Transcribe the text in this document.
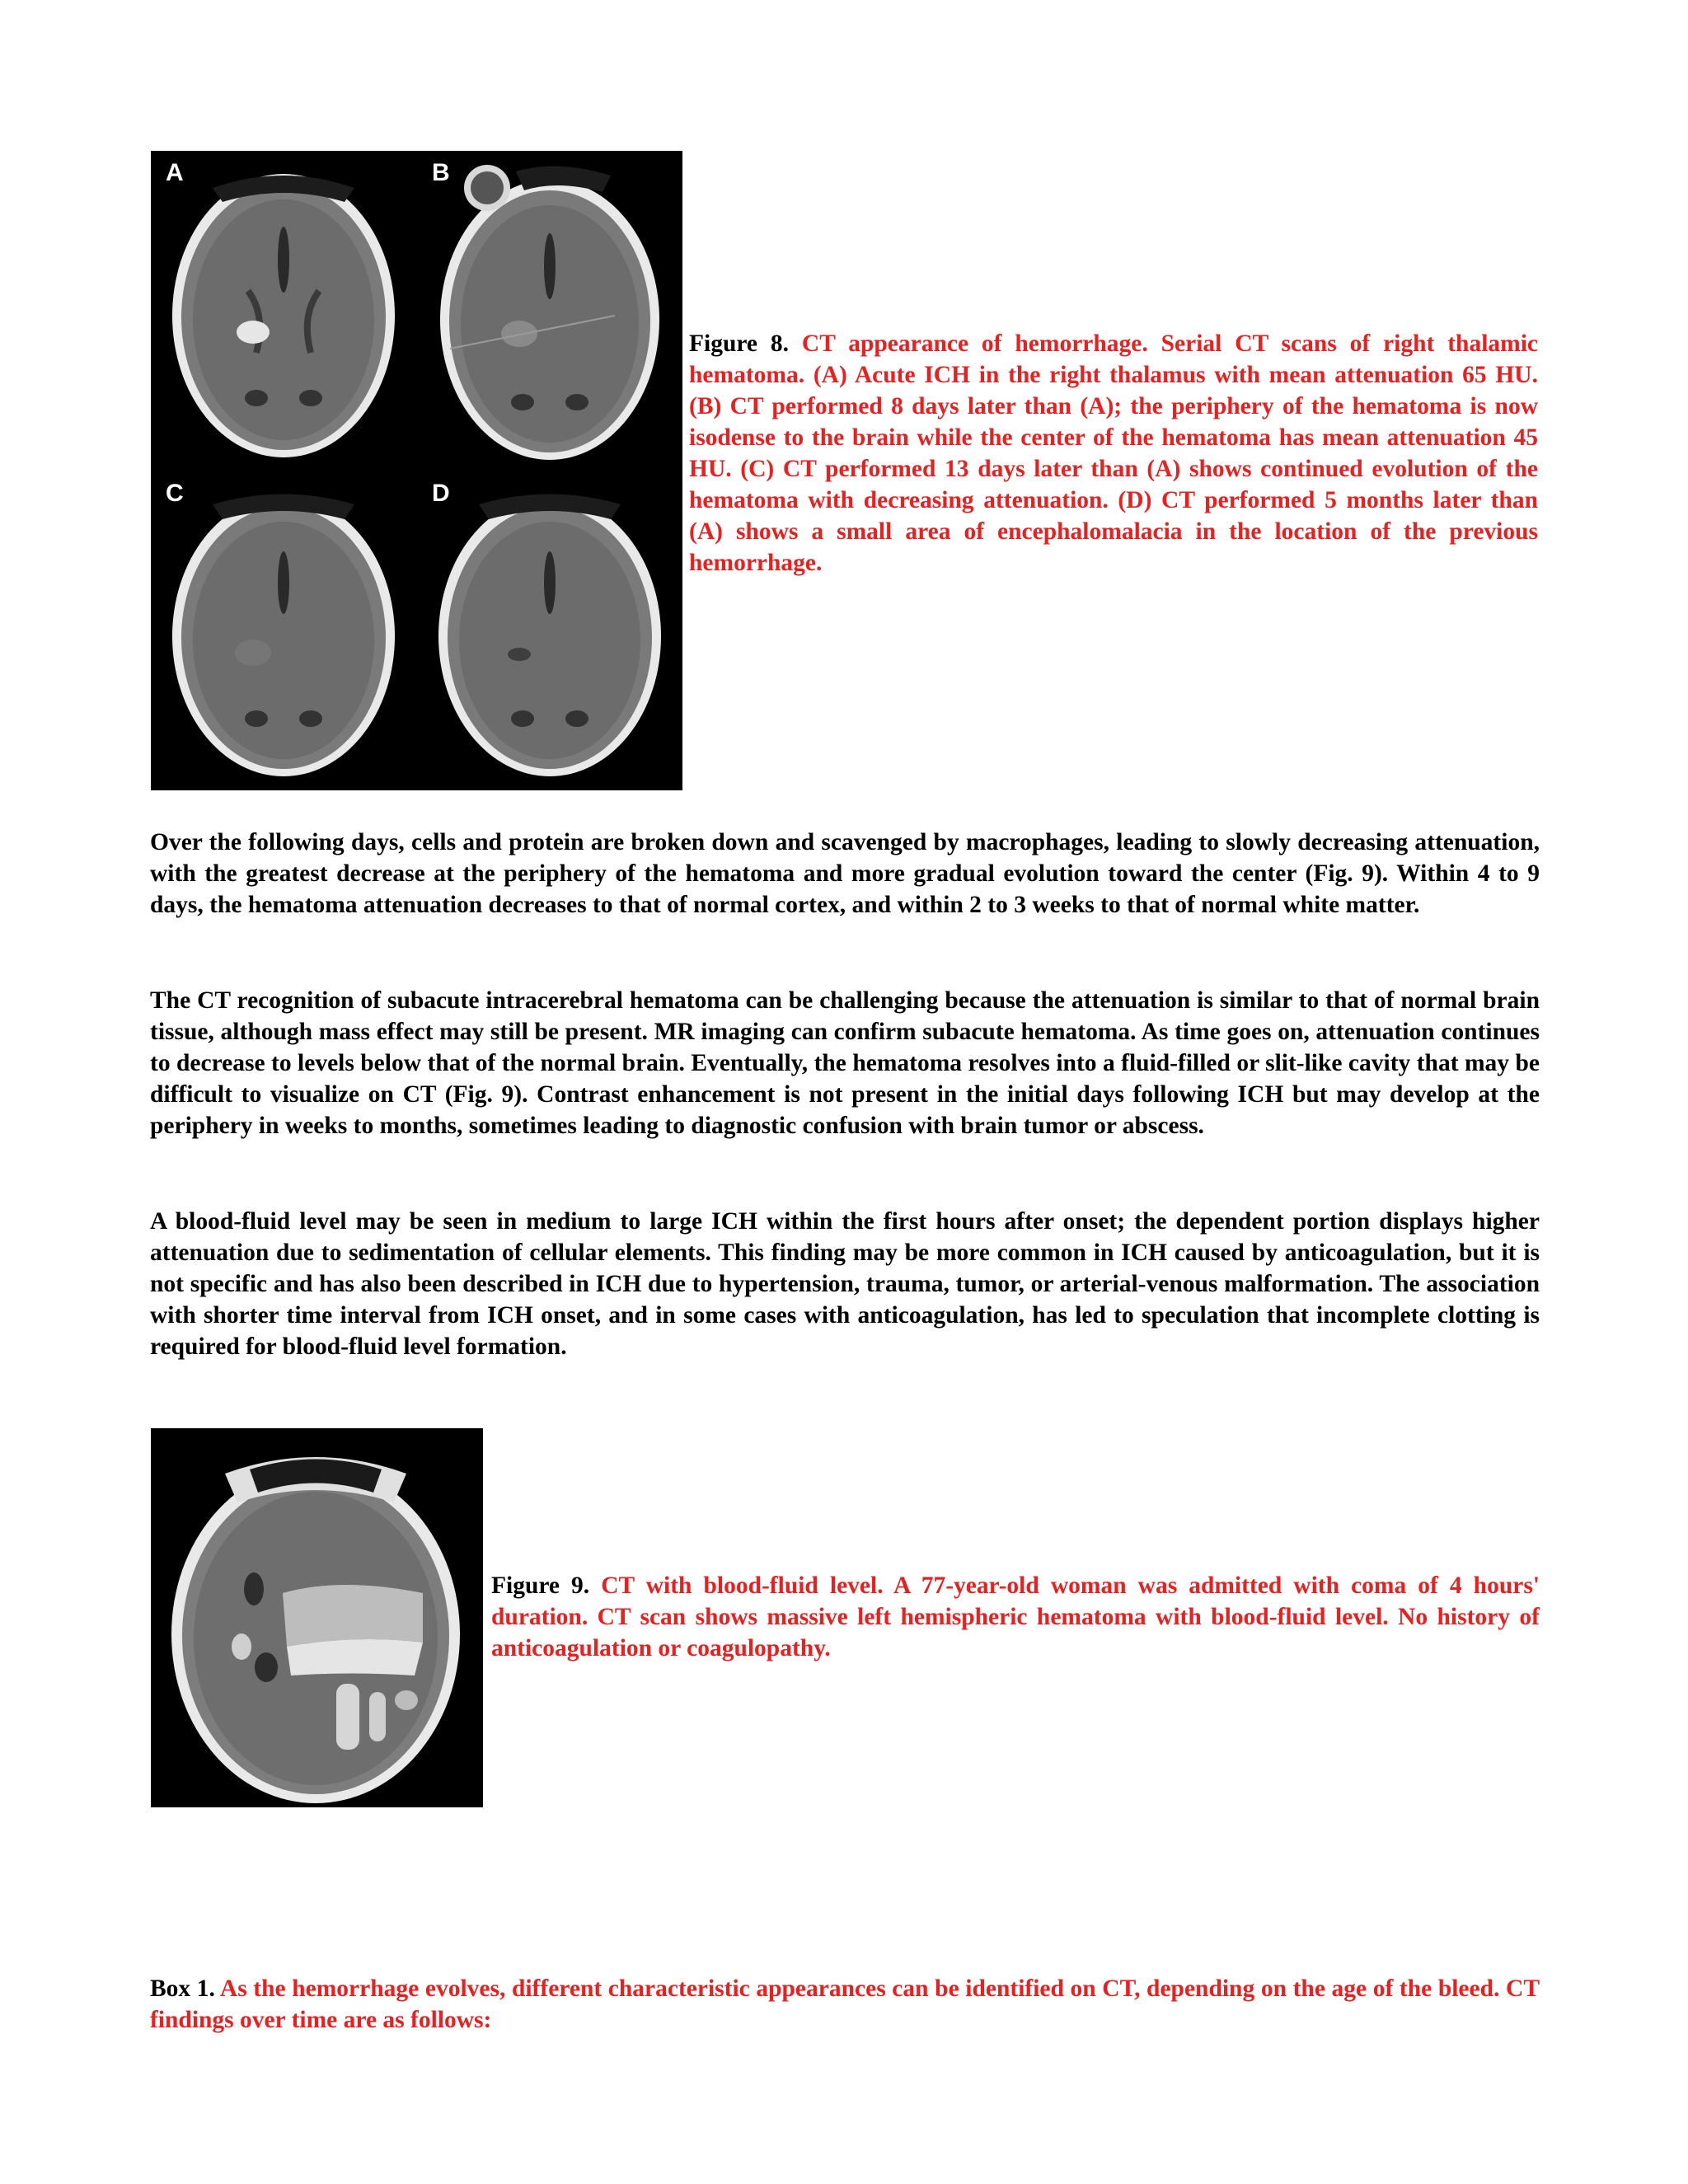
A	B
C	D
Figure 8. CT appearance of hemorrhage. Serial CT scans of right thalamic hematoma. (A) Acute ICH in the right thalamus with mean attenuation 65 HU. (B) CT performed 8 days later than (A); the periphery of the hematoma is now isodense to the brain while the center of the hematoma has mean attenuation 45 HU. (C) CT performed 13 days later than (A) shows continued evolution of the hematoma with decreasing attenuation. (D) CT performed 5 months later than (A) shows a small area of encephalomalacia in the location of the previous hemorrhage.
Over the following days, cells and protein are broken down and scavenged by macrophages, leading to slowly decreasing attenuation, with the greatest decrease at the periphery of the hematoma and more gradual evolution toward the center (Fig. 9). Within 4 to 9 days, the hematoma attenuation decreases to that of normal cortex, and within 2 to 3 weeks to that of normal white matter.
The CT recognition of subacute intracerebral hematoma can be challenging because the attenuation is similar to that of normal brain tissue, although mass effect may still be present. MR imaging can confirm subacute hematoma. As time goes on, attenuation continues to decrease to levels below that of the normal brain. Eventually, the hematoma resolves into a fluid-filled or slit-like cavity that may be difficult to visualize on CT (Fig. 9). Contrast enhancement is not present in the initial days following ICH but may develop at the periphery in weeks to months, sometimes leading to diagnostic confusion with brain tumor or abscess.
A blood-fluid level may be seen in medium to large ICH within the first hours after onset; the dependent portion displays higher attenuation due to sedimentation of cellular elements. This finding may be more common in ICH caused by anticoagulation, but it is not specific and has also been described in ICH due to hypertension, trauma, tumor, or arterial-venous malformation. The association with shorter time interval from ICH onset, and in some cases with anticoagulation, has led to speculation that incomplete clotting is required for blood-fluid level formation.
Figure 9. CT with blood-fluid level. A 77-year-old woman was admitted with coma of 4 hours' duration. CT scan shows massive left hemispheric hematoma with blood-fluid level. No history of anticoagulation or coagulopathy.
Box 1. As the hemorrhage evolves, different characteristic appearances can be identified on CT, depending on the age of the bleed. CT findings over time are as follows:
